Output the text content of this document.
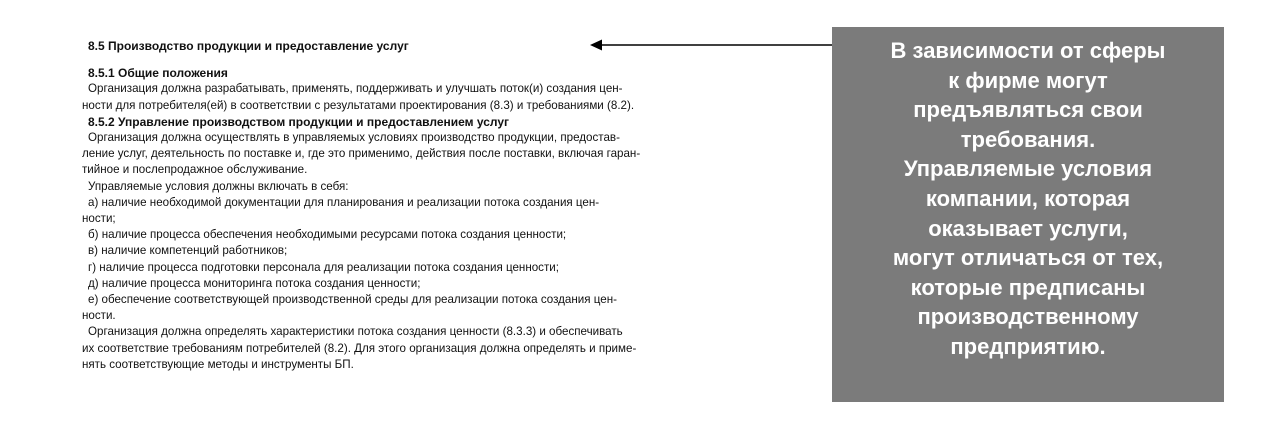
8.5 Производство продукции и предоставление услуг
8.5.1 Общие положения
Организация должна разрабатывать, применять, поддерживать и улучшать поток(и) создания цен-
ности для потребителя(ей) в соответствии с результатами проектирования (8.3) и требованиями (8.2).
8.5.2 Управление производством продукции и предоставлением услуг
Организация должна осуществлять в управляемых условиях производство продукции, предостав-
ление услуг, деятельность по поставке и, где это применимо, действия после поставки, включая гаран-
тийное и послепродажное обслуживание.
Управляемые условия должны включать в себя:
а) наличие необходимой документации для планирования и реализации потока создания цен-
ности;
б) наличие процесса обеспечения необходимыми ресурсами потока создания ценности;
в) наличие компетенций работников;
г) наличие процесса подготовки персонала для реализации потока создания ценности;
д) наличие процесса мониторинга потока создания ценности;
е) обеспечение соответствующей производственной среды для реализации потока создания цен-
ности.
Организация должна определять характеристики потока создания ценности (8.3.3) и обеспечивать
их соответствие требованиям потребителей (8.2). Для этого организация должна определять и приме-
нять соответствующие методы и инструменты БП.
В зависимости от сферы
к фирме могут
предъявляться свои
требования.
Управляемые условия
компании, которая
оказывает услуги,
могут отличаться от тех,
которые предписаны
производственному
предприятию.
